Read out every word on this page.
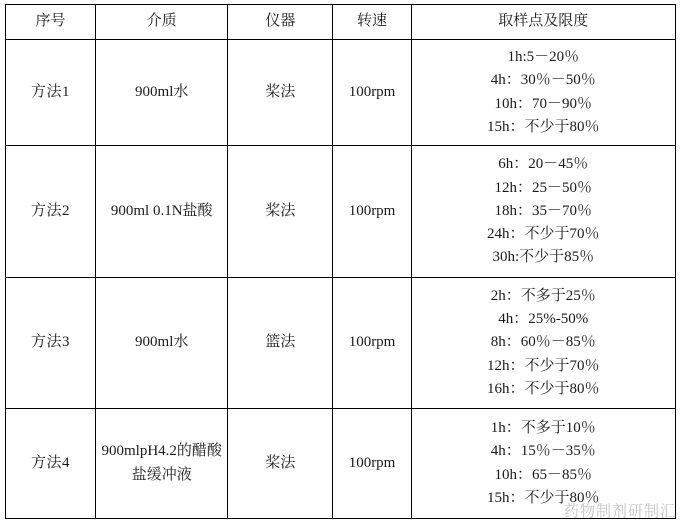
序号	介质	仪器	转速	取样点及限度
方法1	900ml水	桨法	100rpm	1h:5－20％
4h：30％－50％
10h：70－90％
15h：不少于80％

方法2	900ml 0.1N盐酸	桨法	100rpm	6h：20－45％
12h：25－50％
18h：35－70％
24h：不少于70％
30h:不少于85％

方法3	900ml水	篮法	100rpm	2h：不多于25％
4h：25%-50%
8h：60％－85％
12h：不少于70％
16h：不少于80％

方法4	900mlpH4.2的醋酸盐缓冲液	桨法	100rpm	1h：不多于10％
4h：15％－35％
10h：65－85％
15h：不少于80％
药物制剂研制汇
